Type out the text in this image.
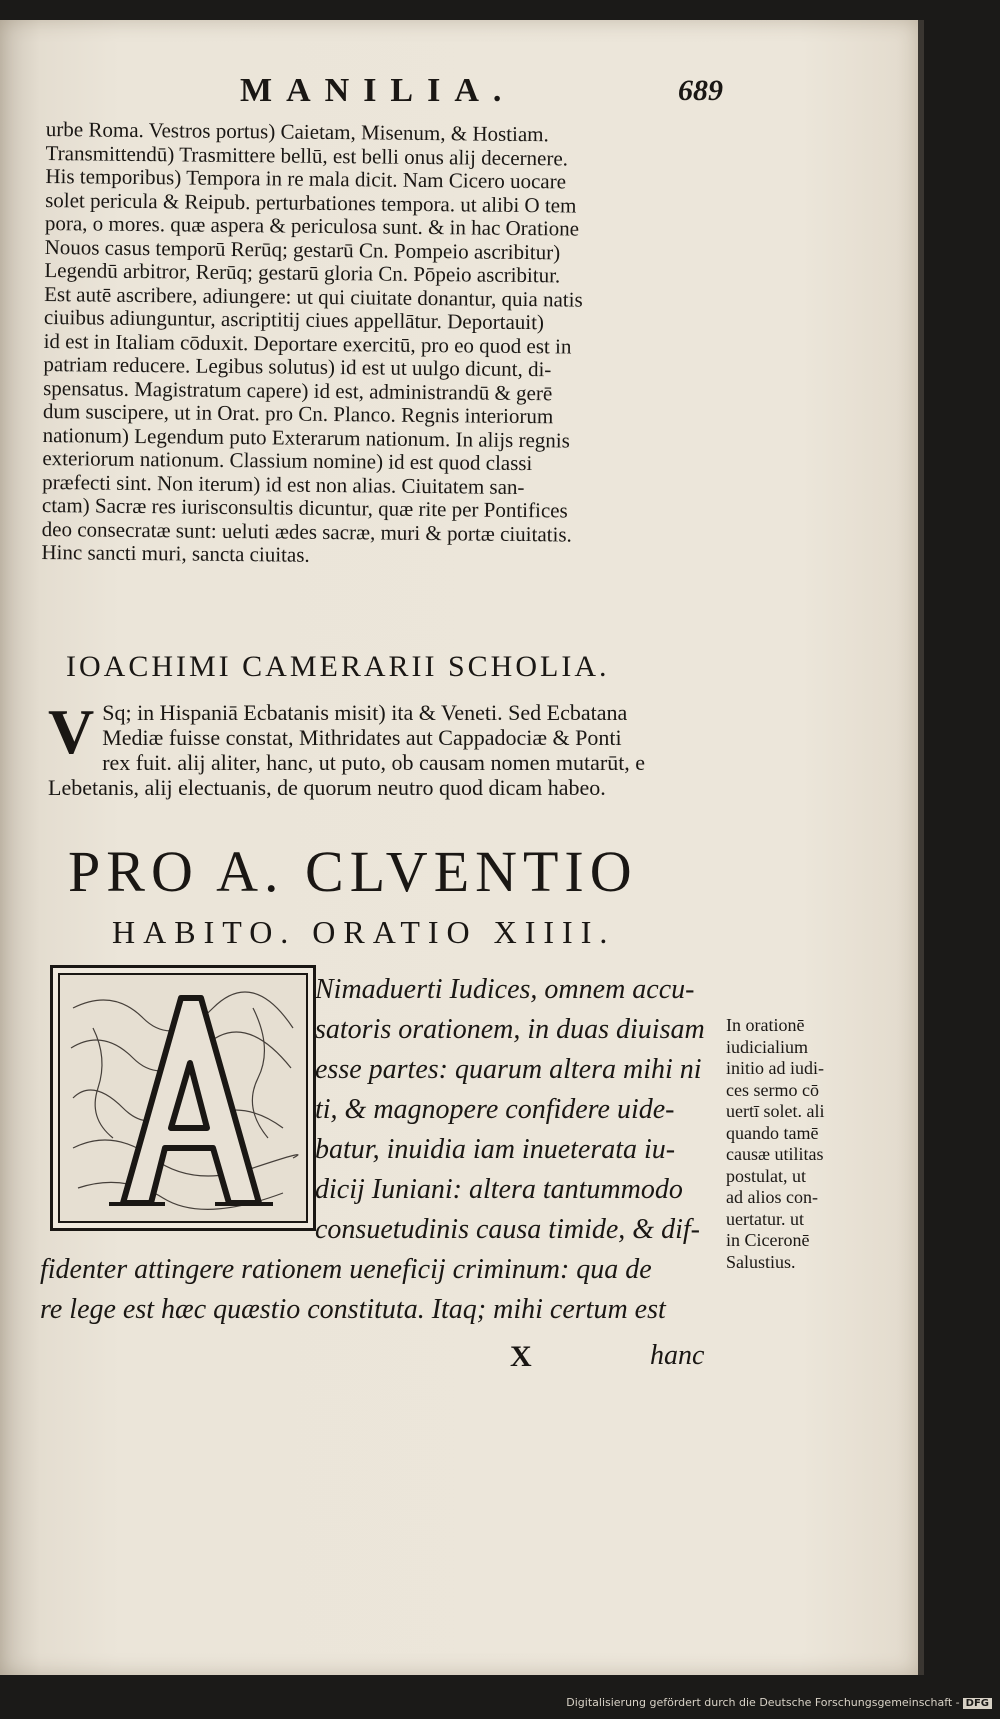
MANILIA.	689

urbe Roma. Vestros portus) Caietam, Misenum, & Hostiam.

Transmittendū) Trasmittere bellū, est belli onus alij decernere.

His temporibus) Tempora in re mala dicit. Nam Cicero uocare

solet pericula & Reipub. perturbationes tempora. ut alibi O tem

pora, o mores. quæ aspera & periculosa sunt. & in hac Oratione

Nouos casus temporū Rerūq; gestarū Cn. Pompeio ascribitur)

Legendū arbitror, Rerūq; gestarū gloria Cn. Pōpeio ascribitur.

Est autē ascribere, adiungere: ut qui ciuitate donantur, quia natis

ciuibus adiunguntur, ascriptitij ciues appellātur. Deportauit)

id est in Italiam cōduxit. Deportare exercitū, pro eo quod est in

patriam reducere. Legibus solutus) id est ut uulgo dicunt, di-

spensatus. Magistratum capere) id est, administrandū & gerē

dum suscipere, ut in Orat. pro Cn. Planco. Regnis interiorum

nationum) Legendum puto Exterarum nationum. In alijs regnis

exteriorum nationum. Classium nomine) id est quod classi

præfecti sint. Non iterum) id est non alias. Ciuitatem san-

ctam) Sacræ res iurisconsultis dicuntur, quæ rite per Pontifices

deo consecratæ sunt: ueluti ædes sacræ, muri & portæ ciuitatis.

Hinc sancti muri, sancta ciuitas.

IOACHIMI CAMERARII SCHOLIA.
V Sq; in Hispaniā Ecbatanis misit) ita & Veneti. Sed Ecbatana

Mediæ fuisse constat, Mithridates aut Cappadociæ & Ponti

rex fuit. alij aliter, hanc, ut puto, ob causam nomen mutarūt, e

Lebetanis, alij electuanis, de quorum neutro quod dicam habeo.

PRO A. CLVENTIO
HABITO. ORATIO XIIII.

Nimaduerti Iudices, omnem accu-

satoris orationem, in duas diuisam

esse partes: quarum altera mihi ni

ti, & magnopere confidere uide-

batur, inuidia iam inueterata iu-

dicij Iuniani: altera tantummodo

consuetudinis causa timide, & dif-

fidenter attingere rationem ueneficij criminum: qua de

re lege est hæc quæstio constituta. Itaq; mihi certum est

In orationē

iudicialium

initio ad iudi-

ces sermo cō

uertī solet. ali

quando tamē

causæ utilitas

postulat, ut

ad alios con-

uertatur. ut

in Ciceronē

Salustius.

X	hanc
Digitalisierung gefördert durch die Deutsche Forschungsgemeinschaft - DFG
